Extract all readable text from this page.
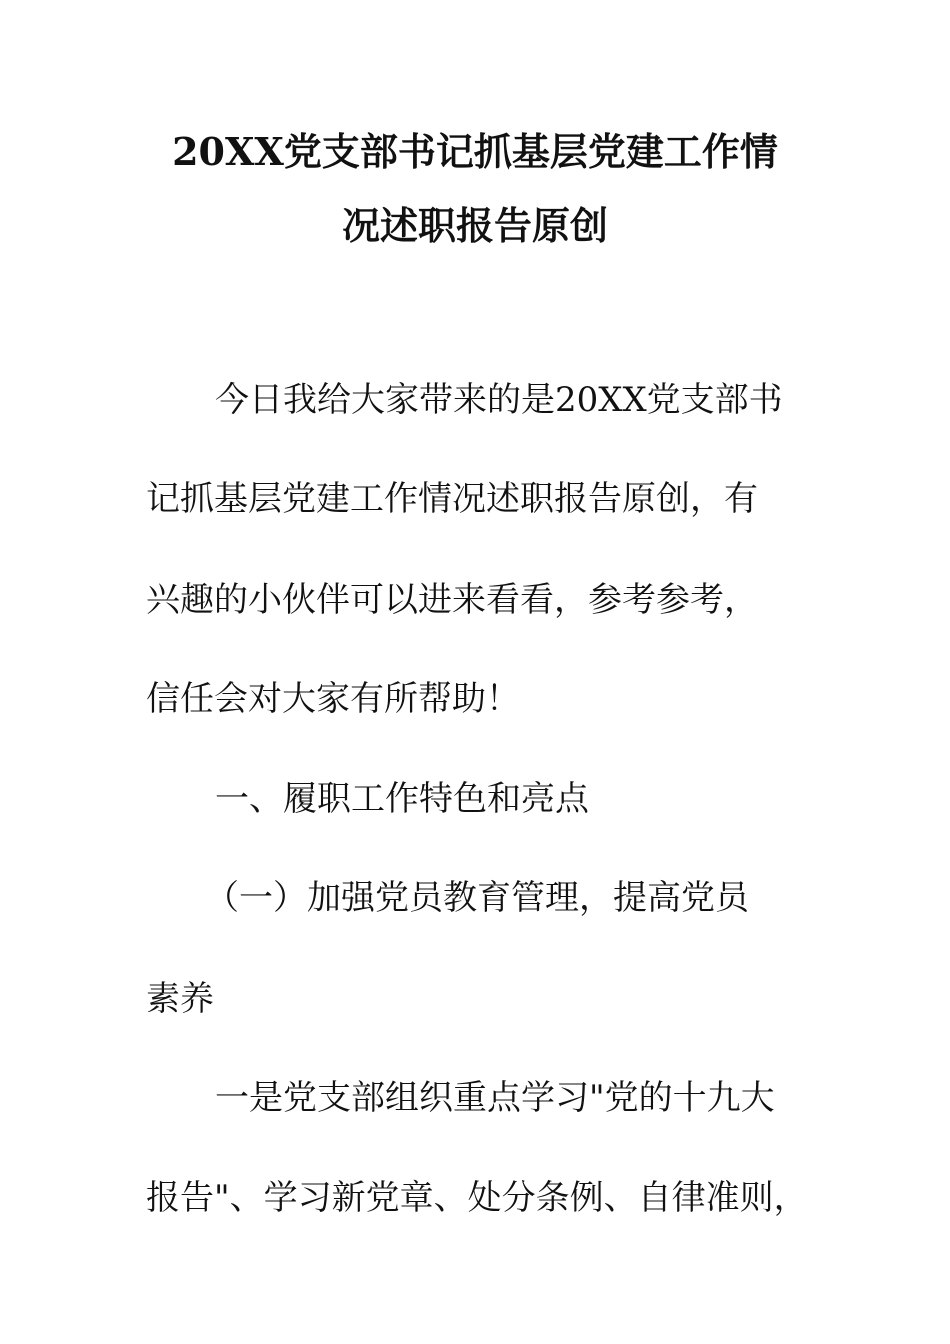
20XX党支部书记抓基层党建工作情
况述职报告原创
今日我给大家带来的是20XX党支部书
记抓基层党建工作情况述职报告原创，有
兴趣的小伙伴可以进来看看，参考参考，
信任会对大家有所帮助！
一、履职工作特色和亮点
（一）加强党员教育管理，提高党员
素养
一是党支部组织重点学习"党的十九大
报告"、学习新党章、处分条例、自律准则，
